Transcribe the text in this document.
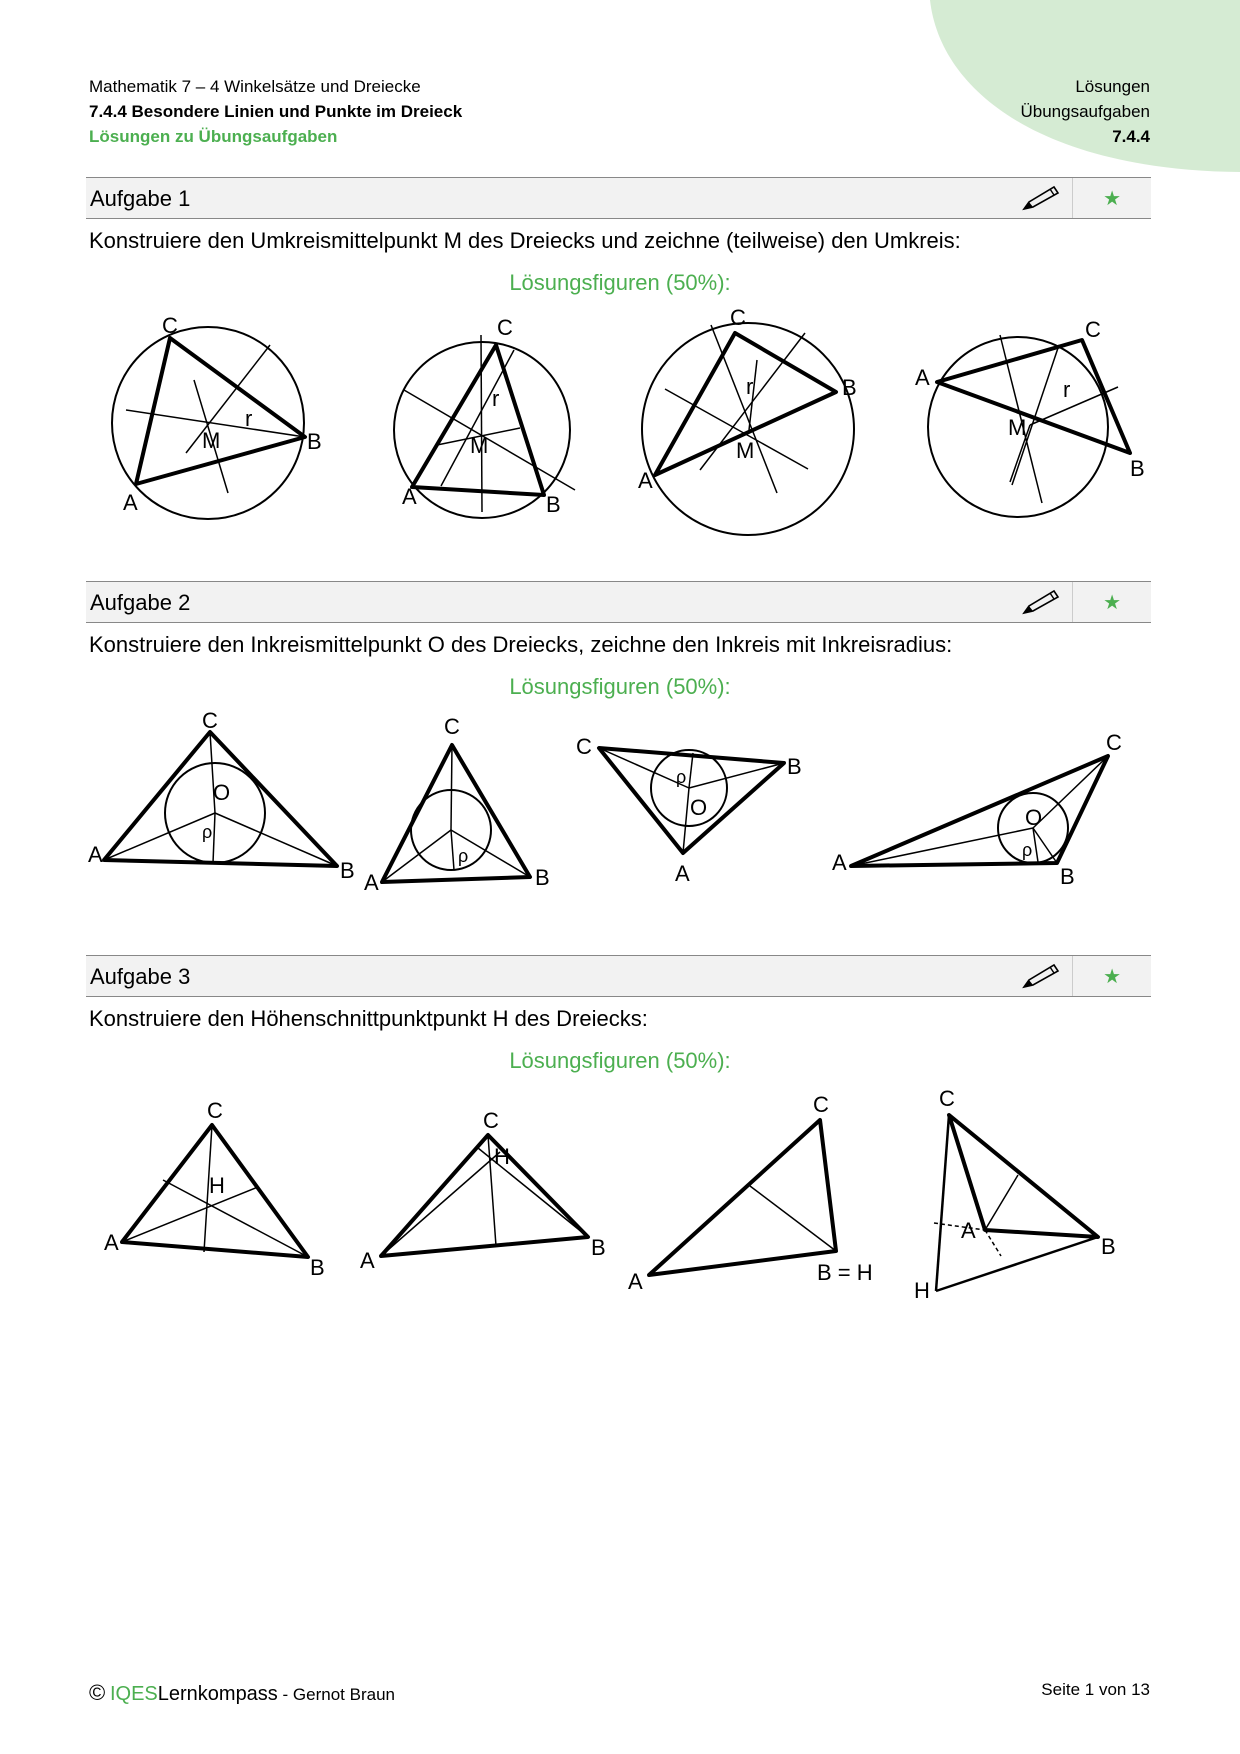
Mathematik 7 – 4 Winkelsätze und Dreiecke
7.4.4 Besondere Linien und Punkte im Dreieck
Lösungen zu Übungsaufgaben
Lösungen
Übungsaufgaben
7.4.4
Aufgabe 1	★
Konstruiere den Umkreismittelpunkt M des Dreiecks und zeichne (teilweise) den Umkreis:
Lösungsfiguren (50%):
C
B
A
M
r
C
B
A
M
r
C
B
A
M
r
C
A
B
M
r
Aufgabe 2	★
Konstruiere den Inkreismittelpunkt O des Dreiecks, zeichne den Inkreis mit Inkreisradius:
Lösungsfiguren (50%):
C
A
B
O
ρ
C
A	B
ρ
C
B
A
O
ρ
C
A
B
O
ρ
Aufgabe 3	★
Konstruiere den Höhenschnittpunktpunkt H des Dreiecks:
Lösungsfiguren (50%):
C
A
B
H
C
A
B
H
C
A	B = H
C
B
A
H
© IQESLernkompass - Gernot Braun	Seite 1 von 13
